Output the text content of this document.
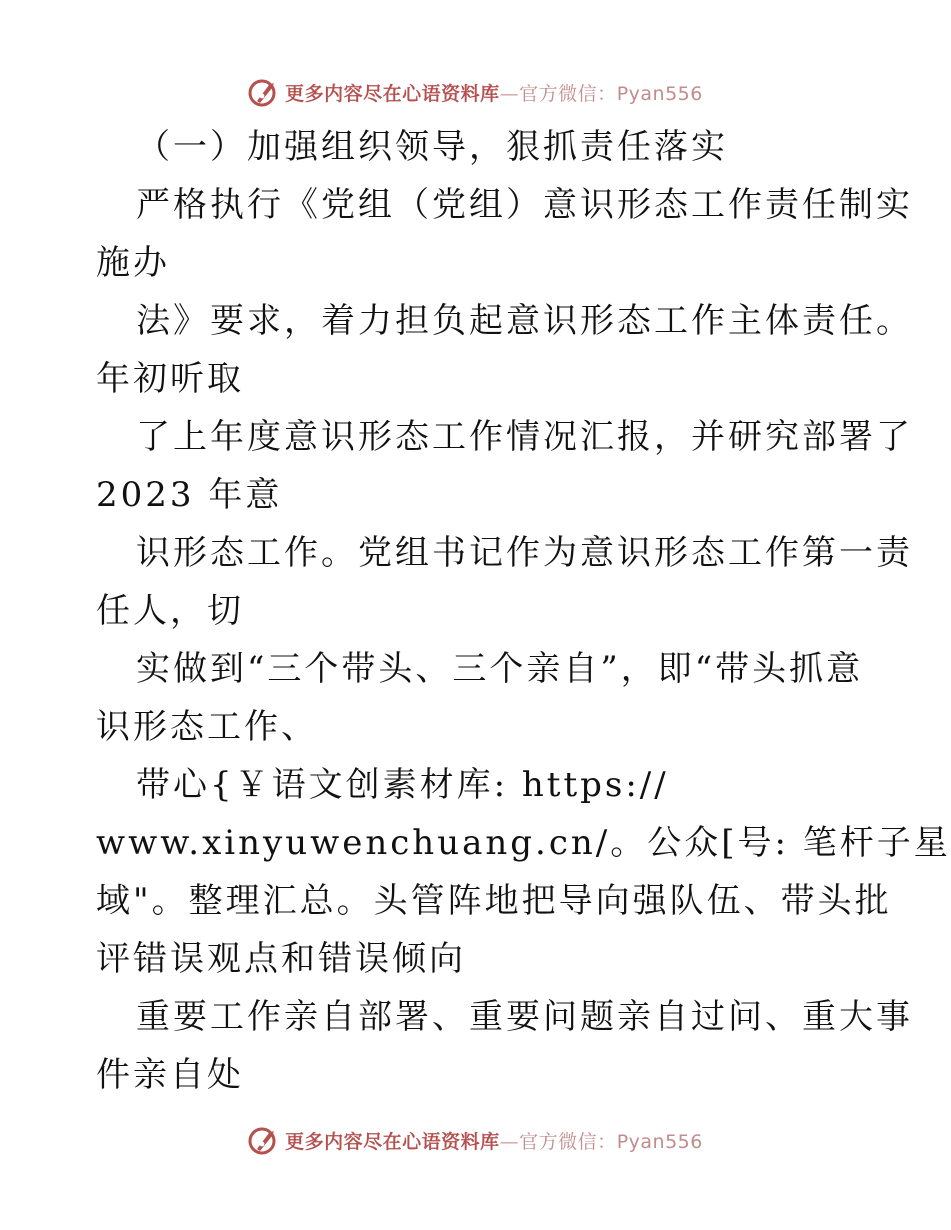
更多内容尽在心语资料库—官方微信：Pyan556
（一）加强组织领导，狠抓责任落实
严格执行《党组（党组）意识形态工作责任制实
施办
法》要求，着力担负起意识形态工作主体责任。
年初听取
了上年度意识形态工作情况汇报，并研究部署了
2023 年意
识形态工作。党组书记作为意识形态工作第一责
任人，切
实做到“三个带头、三个亲自”，即“带头抓意
识形态工作、
带心{￥语文创素材库: https://
www.xinyuwenchuang.cn/。公众[号: 笔杆子星
域"。整理汇总。头管阵地把导向强队伍、带头批
评错误观点和错误倾向
重要工作亲自部署、重要问题亲自过问、重大事
件亲自处
更多内容尽在心语资料库—官方微信：Pyan556
